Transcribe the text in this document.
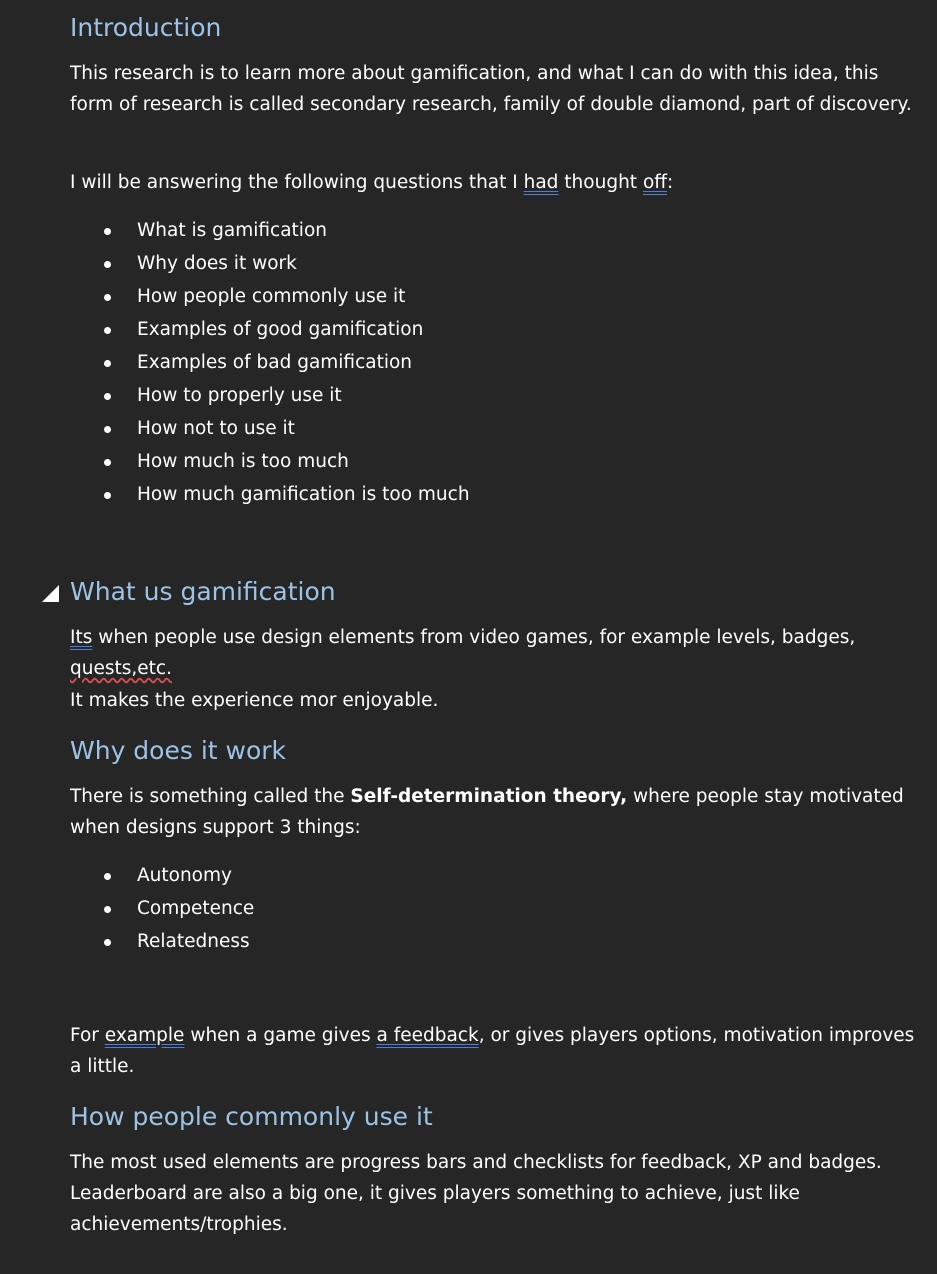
Introduction

This research is to learn more about gamification, and what I can do with this idea, this form of research is called secondary research, family of double diamond, part of discovery.

I will be answering the following questions that I had thought off:

What is gamification
Why does it work
How people commonly use it
Examples of good gamification
Examples of bad gamification
How to properly use it
How not to use it
How much is too much
How much gamification is too much
What us gamification

Its when people use design elements from video games, for example levels, badges, quests,etc.

It makes the experience mor enjoyable.

Why does it work

There is something called the Self-determination theory, where people stay motivated when designs support 3 things:

Autonomy
Competence
Relatedness

For example when a game gives a feedback, or gives players options, motivation improves a little.

How people commonly use it

The most used elements are progress bars and checklists for feedback, XP and badges. Leaderboard are also a big one, it gives players something to achieve, just like achievements/trophies.
